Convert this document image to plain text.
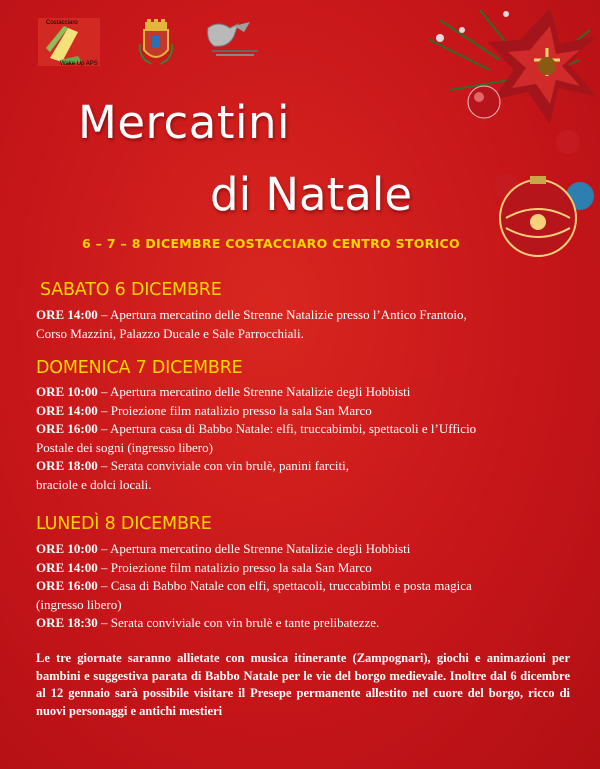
Costacciaro
Wake Up APS
Mercatini
di Natale
6 – 7 – 8 DICEMBRE COSTACCIARO CENTRO STORICO
SABATO 6 DICEMBRE
ORE 14:00 – Apertura mercatino delle Strenne Natalizie presso l’Antico Frantoio,
Corso Mazzini, Palazzo Ducale e Sale Parrocchiali.
DOMENICA 7 DICEMBRE
ORE 10:00 – Apertura mercatino delle Strenne Natalizie degli Hobbisti
ORE 14:00 – Proiezione film natalizio presso la sala San Marco
ORE 16:00 – Apertura casa di Babbo Natale: elfi, truccabimbi, spettacoli e l’Ufficio
Postale dei sogni (ingresso libero)
ORE 18:00 – Serata conviviale con vin brulè, panini farciti,
braciole e dolci locali.
LUNEDÌ 8 DICEMBRE
ORE 10:00 – Apertura mercatino delle Strenne Natalizie degli Hobbisti
ORE 14:00 – Proiezione film natalizio presso la sala San Marco
ORE 16:00 – Casa di Babbo Natale con elfi, spettacoli, truccabimbi e posta magica
(ingresso libero)
ORE 18:30 – Serata conviviale con vin brulè e tante prelibatezze.
Le tre giornate saranno allietate con musica itinerante (Zampognari), giochi e animazioni per bambini e suggestiva parata di Babbo Natale per le vie del borgo medievale. Inoltre dal 6 dicembre al 12 gennaio sarà possibile visitare il Presepe permanente allestito nel cuore del borgo, ricco di nuovi personaggi e antichi mestieri
